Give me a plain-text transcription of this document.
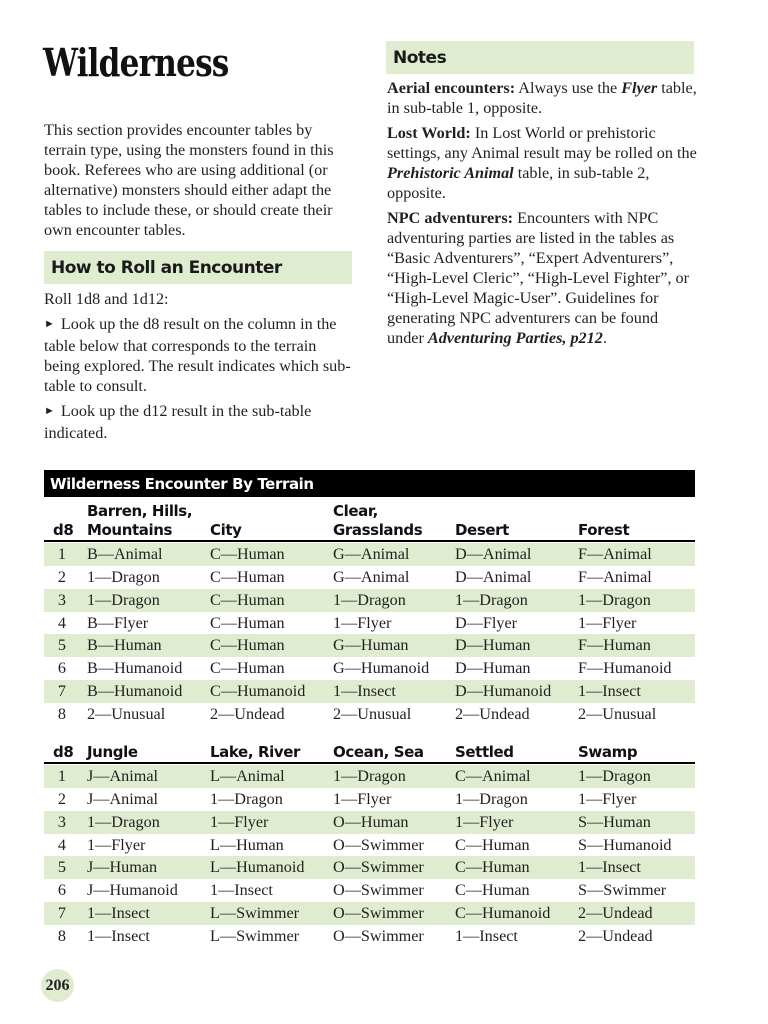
Wilderness
This section provides encounter tables by terrain type, using the monsters found in this book. Referees who are using additional (or alternative) monsters should either adapt the tables to include these, or should create their own encounter tables.
How to Roll an Encounter

Roll 1d8 and 1d12:

► Look up the d8 result on the column in the table below that corresponds to the terrain being explored. The result indicates which sub-table to consult.

► Look up the d12 result in the sub-table indicated.

Notes

Aerial encounters: Always use the Flyer table, in sub-table 1, opposite.

Lost World: In Lost World or prehistoric settings, any Animal result may be rolled on the Prehistoric Animal table, in sub-table 2, opposite.

NPC adventurers: Encounters with NPC adventuring parties are listed in the tables as “Basic Adventurers”, “Expert Adventurers”, “High-Level Cleric”, “High-Level Fighter”, or “High-Level Magic-User”. Guidelines for generating NPC adventurers can be found under Adventuring Parties, p212.

Wilderness Encounter By Terrain
d8
Barren, Hills,
Mountains	City
Clear,
Grasslands Desert	Forest
1 B—Animal	C—Human	G—Animal	D—Animal	F—Animal
2 1—Dragon	C—Human	G—Animal	D—Animal	F—Animal
3 1—Dragon	C—Human	1—Dragon	1—Dragon	1—Dragon
4 B—Flyer	C—Human	1—Flyer	D—Flyer	1—Flyer
5 B—Human	C—Human	G—Human	D—Human	F—Human
6 B—Humanoid C—Human	G—Humanoid D—Human	F—Humanoid
7 B—Humanoid C—Humanoid 1—Insect	D—Humanoid 1—Insect
8 2—Unusual	2—Undead	2—Unusual	2—Undead	2—Unusual
d8 Jungle	Lake, River Ocean, Sea Settled	Swamp
1 J—Animal	L—Animal	1—Dragon	C—Animal	1—Dragon
2 J—Animal	1—Dragon	1—Flyer	1—Dragon	1—Flyer
3 1—Dragon	1—Flyer	O—Human	1—Flyer	S—Human
4 1—Flyer	L—Human	O—Swimmer C—Human	S—Humanoid
5 J—Human	L—Humanoid O—Swimmer C—Human	1—Insect
6 J—Humanoid 1—Insect	O—Swimmer C—Human	S—Swimmer
7 1—Insect	L—Swimmer O—Swimmer C—Humanoid 2—Undead
8 1—Insect	L—Swimmer O—Swimmer 1—Insect	2—Undead
206
